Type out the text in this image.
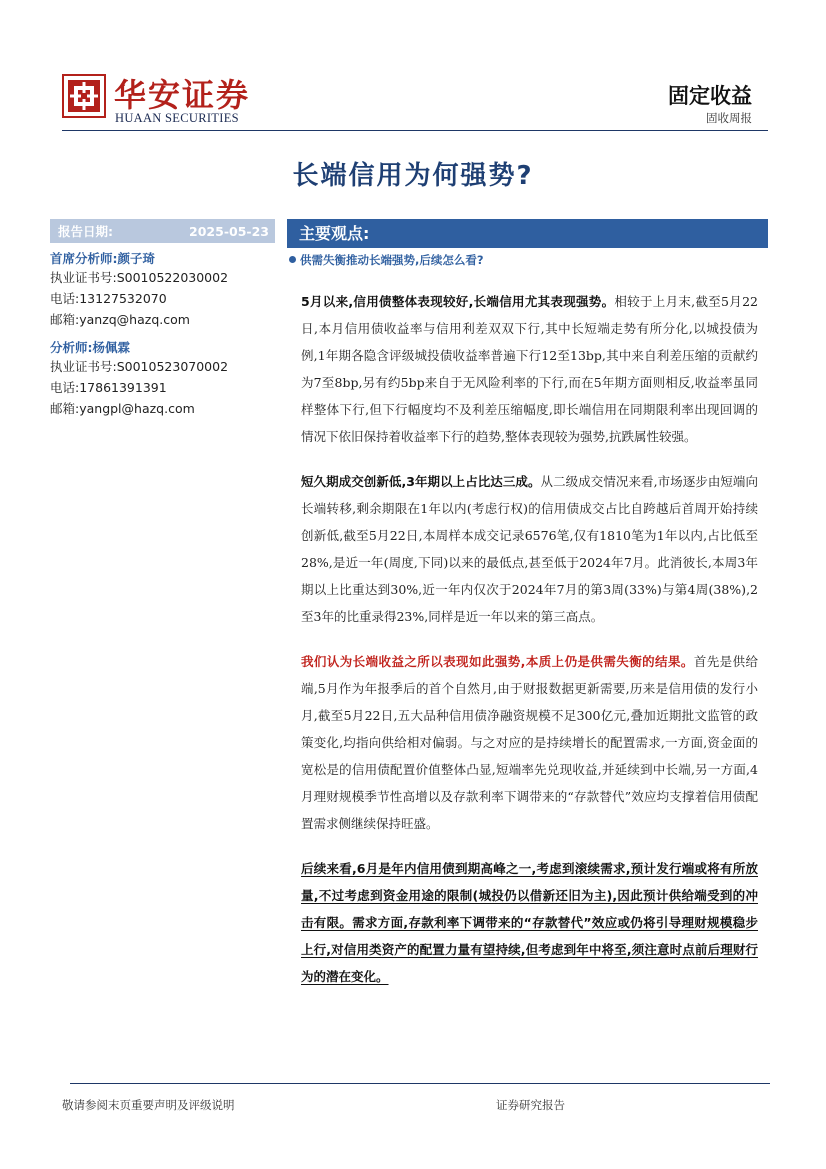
华安证券
HUAAN SECURITIES
固定收益
固收周报
长端信用为何强势?
报告日期:	2025-05-23
首席分析师:颜子琦
执业证书号:S0010522030002
电话:13127532070
邮箱:yanzq@hazq.com
分析师:杨佩霖
执业证书号:S0010523070002
电话:17861391391
邮箱:yangpl@hazq.com
主要观点:
供需失衡推动长端强势,后续怎么看?

5月以来,信用债整体表现较好,长端信用尤其表现强势。相较于上月末,截至5月22日,本月信用债收益率与信用利差双双下行,其中长短端走势有所分化,以城投债为例,1年期各隐含评级城投债收益率普遍下行12至13bp,其中来自利差压缩的贡献约为7至8bp,另有约5bp来自于无风险利率的下行,而在5年期方面则相反,收益率虽同样整体下行,但下行幅度均不及利差压缩幅度,即长端信用在同期限利率出现回调的情况下依旧保持着收益率下行的趋势,整体表现较为强势,抗跌属性较强。

短久期成交创新低,3年期以上占比达三成。从二级成交情况来看,市场逐步由短端向长端转移,剩余期限在1年以内(考虑行权)的信用债成交占比自跨越后首周开始持续创新低,截至5月22日,本周样本成交记录6576笔,仅有1810笔为1年以内,占比低至28%,是近一年(周度,下同)以来的最低点,甚至低于2024年7月。此消彼长,本周3年期以上比重达到30%,近一年内仅次于2024年7月的第3周(33%)与第4周(38%),2至3年的比重录得23%,同样是近一年以来的第三高点。

我们认为长端收益之所以表现如此强势,本质上仍是供需失衡的结果。首先是供给端,5月作为年报季后的首个自然月,由于财报数据更新需要,历来是信用债的发行小月,截至5月22日,五大品种信用债净融资规模不足300亿元,叠加近期批文监管的政策变化,均指向供给相对偏弱。与之对应的是持续增长的配置需求,一方面,资金面的宽松是的信用债配置价值整体凸显,短端率先兑现收益,并延续到中长端,另一方面,4月理财规模季节性高增以及存款利率下调带来的“存款替代”效应均支撑着信用债配置需求侧继续保持旺盛。

后续来看,6月是年内信用债到期高峰之一,考虑到滚续需求,预计发行端或将有所放量,不过考虑到资金用途的限制(城投仍以借新还旧为主),因此预计供给端受到的冲击有限。需求方面,存款利率下调带来的“存款替代”效应或仍将引导理财规模稳步上行,对信用类资产的配置力量有望持续,但考虑到年中将至,须注意时点前后理财行为的潜在变化。

敬请参阅末页重要声明及评级说明	证券研究报告
